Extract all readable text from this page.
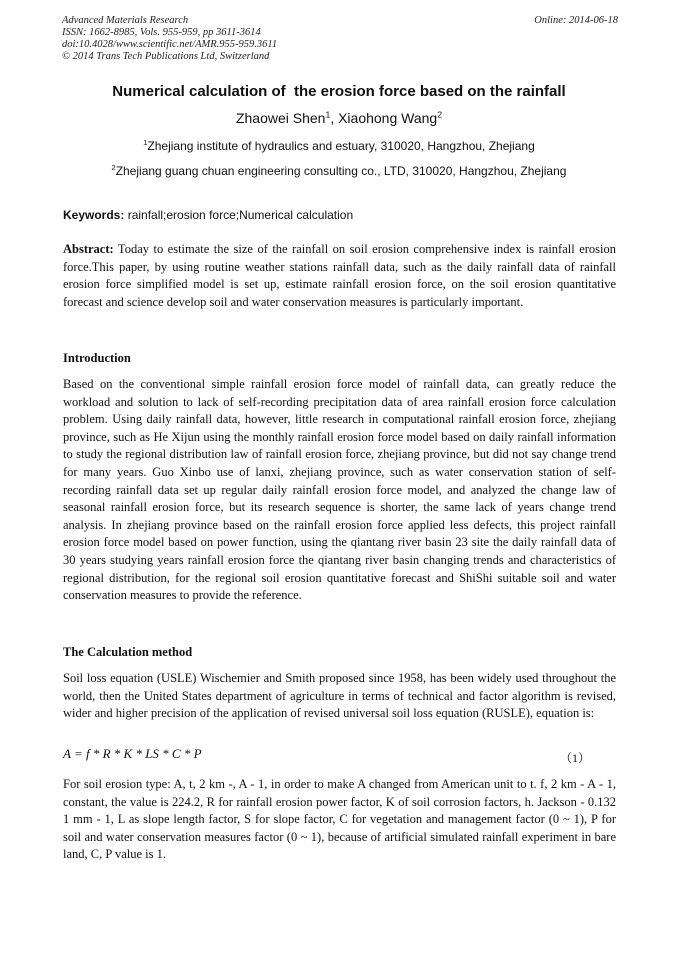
Advanced Materials Research
ISSN: 1662-8985, Vols. 955-959, pp 3611-3614
doi:10.4028/www.scientific.net/AMR.955-959.3611
© 2014 Trans Tech Publications Ltd, Switzerland
Online: 2014-06-18
Numerical calculation of  the erosion force based on the rainfall
Zhaowei Shen$^1$, Xiaohong Wang$^2$
$^1$Zhejiang institute of hydraulics and estuary, 310020, Hangzhou, Zhejiang
$^2$Zhejiang guang chuan engineering consulting co., LTD, 310020, Hangzhou, Zhejiang
Keywords: rainfall;erosion force;Numerical calculation
Abstract: Today to estimate the size of the rainfall on soil erosion comprehensive index is rainfall erosion force.This paper, by using routine weather stations rainfall data, such as the daily rainfall data of rainfall erosion force simplified model is set up, estimate rainfall erosion force, on the soil erosion quantitative forecast and science develop soil and water conservation measures is particularly important.
Introduction
Based on the conventional simple rainfall erosion force model of rainfall data, can greatly reduce the workload and solution to lack of self-recording precipitation data of area rainfall erosion force calculation problem. Using daily rainfall data, however, little research in computational rainfall erosion force, zhejiang province, such as He Xijun using the monthly rainfall erosion force model based on daily rainfall information to study the regional distribution law of rainfall erosion force, zhejiang province, but did not say change trend for many years. Guo Xinbo use of lanxi, zhejiang province, such as water conservation station of self-recording rainfall data set up regular daily rainfall erosion force model, and analyzed the change law of seasonal rainfall erosion force, but its research sequence is shorter, the same lack of years change trend analysis. In zhejiang province based on the rainfall erosion force applied less defects, this project rainfall erosion force model based on power function, using the qiantang river basin 23 site the daily rainfall data of 30 years studying years rainfall erosion force the qiantang river basin changing trends and characteristics of regional distribution, for the regional soil erosion quantitative forecast and ShiShi suitable soil and water conservation measures to provide the reference.
The Calculation method
Soil loss equation (USLE) Wischemier and Smith proposed since 1958, has been widely used throughout the world, then the United States department of agriculture in terms of technical and factor algorithm is revised, wider and higher precision of the application of revised universal soil loss equation (RUSLE), equation is:
A = f * R * K * LS * C * P	（1）
For soil erosion type: A, t, 2 km -, A - 1, in order to make A changed from American unit to t. f, 2 km - A - 1, constant, the value is 224.2, R for rainfall erosion power factor, K of soil corrosion factors, h. Jackson - 0.132 1 mm - 1, L as slope length factor, S for slope factor, C for vegetation and management factor (0 ~ 1), P for soil and water conservation measures factor (0 ~ 1), because of artificial simulated rainfall experiment in bare land, C, P value is 1.
